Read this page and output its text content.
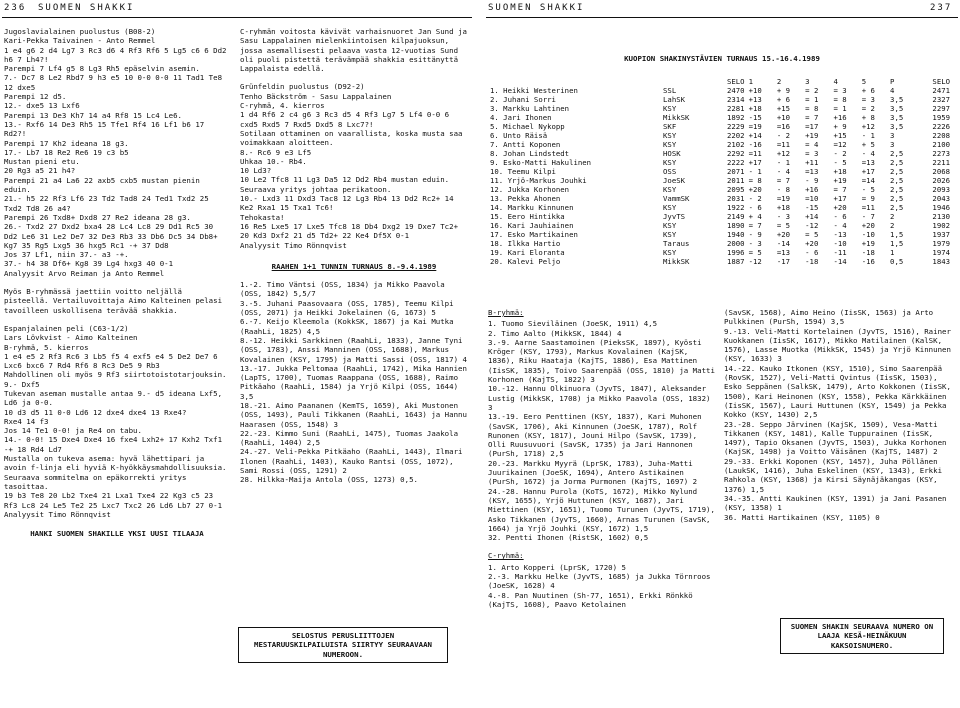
236 SUOMEN SHAKKI

Jugoslavialainen puolustus (B08-2)
Kari-Pekka Taivainen - Anto Remmel
1 e4 g6 2 d4 Lg7 3 Rc3 d6 4 Rf3 Rf6 5 Lg5 c6 6 Dd2 h6 7 Lh4?!
Parempi 7 Lf4 g5 8 Lg3 Rh5 epäselvin asemin.
7.- Dc7 8 Le2 Rbd7 9 h3 e5 10 0-0 0-0 11 Tad1 Te8 12 dxe5
Parempi 12 d5.
12.- dxe5 13 Lxf6
Parempi 13 De3 Kh7 14 a4 Rf8 15 Lc4 Le6.
13.- Rxf6 14 De3 Rh5 15 Tfe1 Rf4 16 Lf1 b6 17 Rd2?!
Parempi 17 Kh2 ideana 18 g3.
17.- Lb7 18 Re2 Re6 19 c3 b5
Mustan pieni etu.
20 Rg3 a5 21 h4?
Parempi 21 a4 La6 22 axb5 cxb5 mustan pienin eduin.
21.- h5 22 Rf3 Lf6 23 Td2 Tad8 24 Ted1 Txd2 25 Txd2 Td8 26 a4?
Parempi 26 Txd8+ Dxd8 27 Re2 ideana 28 g3.
26.- Txd2 27 Dxd2 bxa4 28 Lc4 Lc8 29 Dd1 Rc5 30 Dd2 Le6 31 Le2 De7 32 De3 Rb3 33 Db6 Dc5 34 Db8+ Kg7 35 Rg5 Lxg5 36 hxg5 Rc1 -+ 37 Dd8
Jos 37 Lf1, niin 37.- a3 -+.
37.- h4 38 Df6+ Kg8 39 Lg4 hxg3 40 0-1
Analyysit Arvo Reiman ja Anto Remmel

Myös B-ryhmässä jaettiin voitto neljällä pisteellä. Vertailuvoittaja Aimo Kalteinen pelasi tavoilleen uskollisena terävää shakkia.

Espanjalainen peli (C63-1/2)
Lars Lövkvist - Aimo Kalteinen
B-ryhmä, 5. kierros
1 e4 e5 2 Rf3 Rc6 3 Lb5 f5 4 exf5 e4 5 De2 De7 6 Lxc6 bxc6 7 Rd4 Rf6 8 Rc3 De5 9 Rb3
Mahdollinen oli myös 9 Rf3 siirtotoistotarjouksin.
9.- Dxf5
Tukevan aseman mustalle antaa 9.- d5 ideana Lxf5, Ld6 ja 0-0.
10 d3 d5 11 0-0 Ld6 12 dxe4 dxe4 13 Rxe4?
Rxe4 14 f3
Jos 14 Te1 0-0! ja Re4 on tabu.
14.- 0-0! 15 Dxe4 Dxe4 16 fxe4 Lxh2+ 17 Kxh2 Txf1 -+ 18 Rd4 Ld7
Mustalla on tukeva asema: hyvä lähettipari ja avoin f-linja eli hyviä K-hyökkäysmahdollisuuksia. Seuraava sommitelma on epäkorrekti yritys tasoittaa.
19 b3 Te8 20 Lb2 Txe4 21 Lxa1 Txe4 22 Kg3 c5 23 Rf3 Lc8 24 Le5 Te2 25 Lxc7 Txc2 26 Ld6 Lb7 27 0-1
Analyysit Timo Rönnqvist

HANKI SUOMEN SHAKILLE YKSI UUSI TILAAJA

C-ryhmän voitosta kävivät varhaisnuoret Jan Sund ja Sasu Lappalainen mielenkiintoisen kilpajuoksun, jossa asemallisesti pelaava vasta 12-vuotias Sund oli puoli pistettä terävämpää shakkia esittänyttä Lappalaista edellä.

Grünfeldin puolustus (D92-2)
Tenho Bäckström - Sasu Lappalainen
C-ryhmä, 4. kierros
1 d4 Rf6 2 c4 g6 3 Rc3 d5 4 Rf3 Lg7 5 Lf4 0-0 6 cxd5 Rxd5 7 Rxd5 Dxd5 8 Lxc7?!
Sotilaan ottaminen on vaarallista, koska musta saa voimakkaan aloitteen.
8.- Rc6 9 e3 Lf5
Uhkaa 10.- Rb4.
10 Ld3?
10 Le2 Tfc8 11 Lg3 Da5 12 Dd2 Rb4 mustan eduin. Seuraava yritys johtaa perikatoon.
10.- Lxd3 11 Dxd3 Tac8 12 Lg3 Rb4 13 Dd2 Rc2+ 14 Ke2 Rxa1 15 Txa1 Tc6!
Tehokasta!
16 Re5 Lxe5 17 Lxe5 Tfc8 18 Db4 Dxg2 19 Dxe7 Tc2+ 20 Kd3 Dxf2 21 d5 Td2+ 22 Ke4 Df5X 0-1
Analyysit Timo Rönnqvist

RAAHEN 1+1 TUNNIN TURNAUS 8.-9.4.1989

1.-2. Timo Väntsi (OSS, 1834) ja Mikko Paavola (OSS, 1842) 5,5/7
3.-5. Juhani Paasovaara (OSS, 1785), Teemu Kilpi (OSS, 2071) ja Heikki Jokelainen (G, 1673) 5
6.-7. Keijo Kleemola (KokkSK, 1867) ja Kai Mutka (RaahLi, 1825) 4,5
8.-12. Heikki Sarkkinen (RaahLi, 1833), Janne Tyni (OSS, 1783), Anssi Manninen (OSS, 1688), Markus Kovalainen (KSY, 1795) ja Matti Sassi (OSS, 1817) 4
13.-17. Jukka Peltomaa (RaahLi, 1742), Mika Hannien (LapTS, 1700), Tuomas Raappana (OSS, 1688), Raimo Pitkäaho (RaahLi, 1584) ja Yrjö Kilpi (OSS, 1644) 3,5
18.-21. Aimo Paananen (KemTS, 1659), Aki Mustonen (OSS, 1493), Pauli Tikkanen (RaahLi, 1643) ja Hannu Haarasen (OSS, 1548) 3
22.-23. Kimmo Suni (RaahLi, 1475), Tuomas Jaakola (RaahLi, 1404) 2,5
24.-27. Veli-Pekka Pitkäaho (RaahLi, 1443), Ilmari Ilonen (RaahLi, 1403), Kauko Rantsi (OSS, 1072), Sami Rossi (OSS, 1291) 2
28. Hilkka-Maija Antola (OSS, 1273) 0,5.

SELOSTUS PERUSLIITTOJEN MESTARUUSKILPAILUISTA SIIRTYY SEURAAVAAN NUMEROON.
SUOMEN SHAKKI	237
KUOPION SHAKINYSTÄVIEN TURNAUS 15.-16.4.1989
		SELO	1	2	3	4	5	P	SELO
1. Heikki Westerinen	SSL	2470	+10	+ 9	= 2	= 3	+ 6	4	2471
2. Juhani Sorri	LahSK	2314	+13	+ 6	= 1	= 8	= 3	3,5	2327
3. Markku Lahtinen	KSY	2281	+18	+15	= 8	= 1	= 2	3,5	2297
4. Jari Ihonen	MikkSK	1892	-15	+10	= 7	+16	+ 8	3,5	1959
5. Michael Nykopp	SKF	2229	=19	=16	=17	+ 9	+12	3,5	2226
6. Unto Räisä	KSY	2202	+14	- 2	+19	+15	- 1	3	2208
7. Antti Koponen	KSY	2102	-16	=11	= 4	=12	+ 5	3	2100
8. Johan Lindstedt	HOSK	2292	=11	+12	= 3	- 2	- 4	2,5	2273
9. Esko-Matti Hakulinen	KSY	2222	+17	- 1	+11	- 5	=13	2,5	2211
10. Teemu Kilpi	OSS	2071	- 1	- 4	=13	+18	+17	2,5	2068
11. Yrjö-Markus Jouhki	JoeSK	2011	= 8	= 7	- 9	+19	=14	2,5	2026
12. Jukka Korhonen	KSY	2095	+20	- 8	+16	= 7	- 5	2,5	2093
13. Pekka Ahonen	VammSK	2031	- 2	=19	=10	+17	= 9	2,5	2043
14. Markku Kinnunen	KSY	1922	- 6	+18	-15	+20	=11	2,5	1946
15. Eero Hintikka	JyvTS	2149	+ 4	- 3	+14	- 6	- 7	2	2130
16. Kari Jauhiainen	KSY	1890	= 7	= 5	-12	- 4	+20	2	1902
17. Esko Martikainen	KSY	1940	- 9	+20	= 5	-13	-10	1,5	1937
18. Ilkka Hartio	Taraus	2000	- 3	-14	+20	-10	+19	1,5	1979
19. Kari Eloranta	KSY	1996	= 5	=13	- 6	-11	-18	1	1974
20. Kalevi Peljo	MikkSK	1887	-12	-17	-18	-14	-16	0,5	1843

B-ryhmä:

1. Tuomo Sieviläinen (JoeSK, 1911) 4,5
2. Timo Aalto (MikkSK, 1844) 4
3.-9. Aarne Saastamoinen (PieksSK, 1897), Kyösti Kröger (KSY, 1793), Markus Kovalainen (KajSK, 1836), Riku Haataja (KajTS, 1886), Esa Mattinen (IisSK, 1835), Toivo Saarenpää (OSS, 1810) ja Matti Korhonen (KajTS, 1822) 3
10.-12. Hannu Olkinuora (JyvTS, 1847), Aleksander Lustig (MikkSK, 1708) ja Mikko Paavola (OSS, 1832) 3
13.-19. Eero Penttinen (KSY, 1837), Kari Muhonen (SavSK, 1706), Aki Kinnunen (JoeSK, 1787), Rolf Runonen (KSY, 1817), Jouni Hilpo (SavSK, 1739), Olli Ruusuvuori (SavSK, 1735) ja Jari Hannonen (PurSh, 1718) 2,5
20.-23. Markku Myyrä (LprSK, 1783), Juha-Matti Juurikainen (JoeSK, 1694), Antero Astikainen (PurSh, 1672) ja Jorma Purmonen (KajTS, 1697) 2
24.-28. Hannu Purola (KoTS, 1672), Mikko Nylund (KSY, 1655), Yrjö Huttunen (KSY, 1687), Jari Miettinen (KSY, 1651), Tuomo Turunen (JyvTS, 1719), Asko Tikkanen (JyvTS, 1660), Arnas Turunen (SavSK, 1664) ja Yrjö Jouhki (KSY, 1672) 1,5
32. Pentti Ihonen (RistSK, 1602) 0,5

C-ryhmä:

1. Arto Kopperi (LprSK, 1720) 5
2.-3. Markku Helke (JyvTS, 1685) ja Jukka Törnroos (JoeSK, 1628) 4
4.-8. Pan Nuutinen (Sh-77, 1651), Erkki Rönkkö (KajTS, 1608), Paavo Ketolainen

(SavSK, 1568), Aimo Heino (IisSK, 1563) ja Arto Pulkkinen (PurSh, 1594) 3,5
9.-13. Veli-Matti Kortelainen (JyvTS, 1516), Rainer Kuokkanen (IisSK, 1617), Mikko Matilainen (KalSK, 1576), Lasse Muotka (MikkSK, 1545) ja Yrjö Kinnunen (KSY, 1633) 3
14.-22. Kauko Itkonen (KSY, 1510), Simo Saarenpää (RovSK, 1527), Veli-Matti Qvintus (IisSK, 1503), Esko Seppänen (SalkSK, 1479), Arto Kokkonen (IisSK, 1500), Kari Heinonen (KSY, 1558), Pekka Kärkkäinen (IisSK, 1567), Lauri Huttunen (KSY, 1549) ja Pekka Kokko (KSY, 1430) 2,5
23.-28. Seppo Järvinen (KajSK, 1509), Vesa-Matti Tikkanen (KSY, 1481), Kalle Tuppurainen (IisSK, 1497), Tapio Oksanen (JyvTS, 1503), Jukka Korhonen (KajSK, 1498) ja Voitto Väisänen (KajTS, 1487) 2
29.-33. Erkki Koponen (KSY, 1457), Juha Pöllänen (LaukSK, 1416), Juha Eskelinen (KSY, 1343), Erkki Rahkola (KSY, 1368) ja Kirsi Säynäjäkangas (KSY, 1376) 1,5
34.-35. Antti Kaukinen (KSY, 1391) ja Jani Pasanen (KSY, 1358) 1
36. Matti Hartikainen (KSY, 1105) 0

SUOMEN SHAKIN SEURAAVA NUMERO ON LAAJA KESÄ-HEINÄKUUN KAKSOISNUMERO.
